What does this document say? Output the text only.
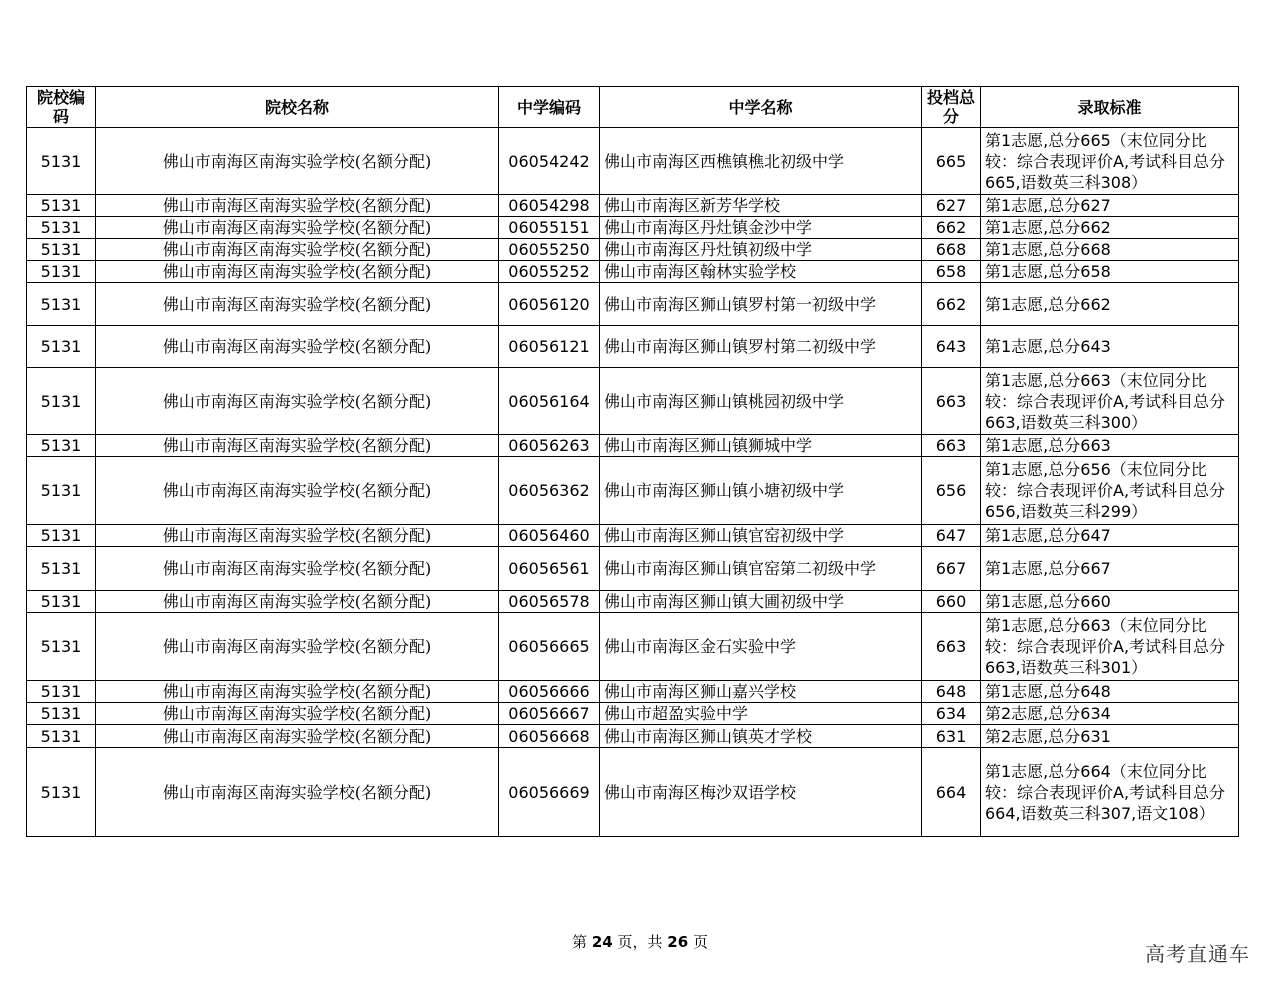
院校编码	院校名称	中学编码	中学名称	投档总分	录取标准
5131	佛山市南海区南海实验学校(名额分配)	06054242	佛山市南海区西樵镇樵北初级中学	665	第1志愿,总分665（末位同分比较：综合表现评价A,考试科目总分665,语数英三科308）
5131	佛山市南海区南海实验学校(名额分配)	06054298	佛山市南海区新芳华学校	627	第1志愿,总分627
5131	佛山市南海区南海实验学校(名额分配)	06055151	佛山市南海区丹灶镇金沙中学	662	第1志愿,总分662
5131	佛山市南海区南海实验学校(名额分配)	06055250	佛山市南海区丹灶镇初级中学	668	第1志愿,总分668
5131	佛山市南海区南海实验学校(名额分配)	06055252	佛山市南海区翰林实验学校	658	第1志愿,总分658
5131	佛山市南海区南海实验学校(名额分配)	06056120	佛山市南海区狮山镇罗村第一初级中学	662	第1志愿,总分662
5131	佛山市南海区南海实验学校(名额分配)	06056121	佛山市南海区狮山镇罗村第二初级中学	643	第1志愿,总分643
5131	佛山市南海区南海实验学校(名额分配)	06056164	佛山市南海区狮山镇桃园初级中学	663	第1志愿,总分663（末位同分比较：综合表现评价A,考试科目总分663,语数英三科300）
5131	佛山市南海区南海实验学校(名额分配)	06056263	佛山市南海区狮山镇狮城中学	663	第1志愿,总分663
5131	佛山市南海区南海实验学校(名额分配)	06056362	佛山市南海区狮山镇小塘初级中学	656	第1志愿,总分656（末位同分比较：综合表现评价A,考试科目总分656,语数英三科299）
5131	佛山市南海区南海实验学校(名额分配)	06056460	佛山市南海区狮山镇官窑初级中学	647	第1志愿,总分647
5131	佛山市南海区南海实验学校(名额分配)	06056561	佛山市南海区狮山镇官窑第二初级中学	667	第1志愿,总分667
5131	佛山市南海区南海实验学校(名额分配)	06056578	佛山市南海区狮山镇大圃初级中学	660	第1志愿,总分660
5131	佛山市南海区南海实验学校(名额分配)	06056665	佛山市南海区金石实验中学	663	第1志愿,总分663（末位同分比较：综合表现评价A,考试科目总分663,语数英三科301）
5131	佛山市南海区南海实验学校(名额分配)	06056666	佛山市南海区狮山嘉兴学校	648	第1志愿,总分648
5131	佛山市南海区南海实验学校(名额分配)	06056667	佛山市超盈实验中学	634	第2志愿,总分634
5131	佛山市南海区南海实验学校(名额分配)	06056668	佛山市南海区狮山镇英才学校	631	第2志愿,总分631
5131	佛山市南海区南海实验学校(名额分配)	06056669	佛山市南海区梅沙双语学校	664	第1志愿,总分664（末位同分比较：综合表现评价A,考试科目总分664,语数英三科307,语文108）
第 24 页，共 26 页	高考直通车
